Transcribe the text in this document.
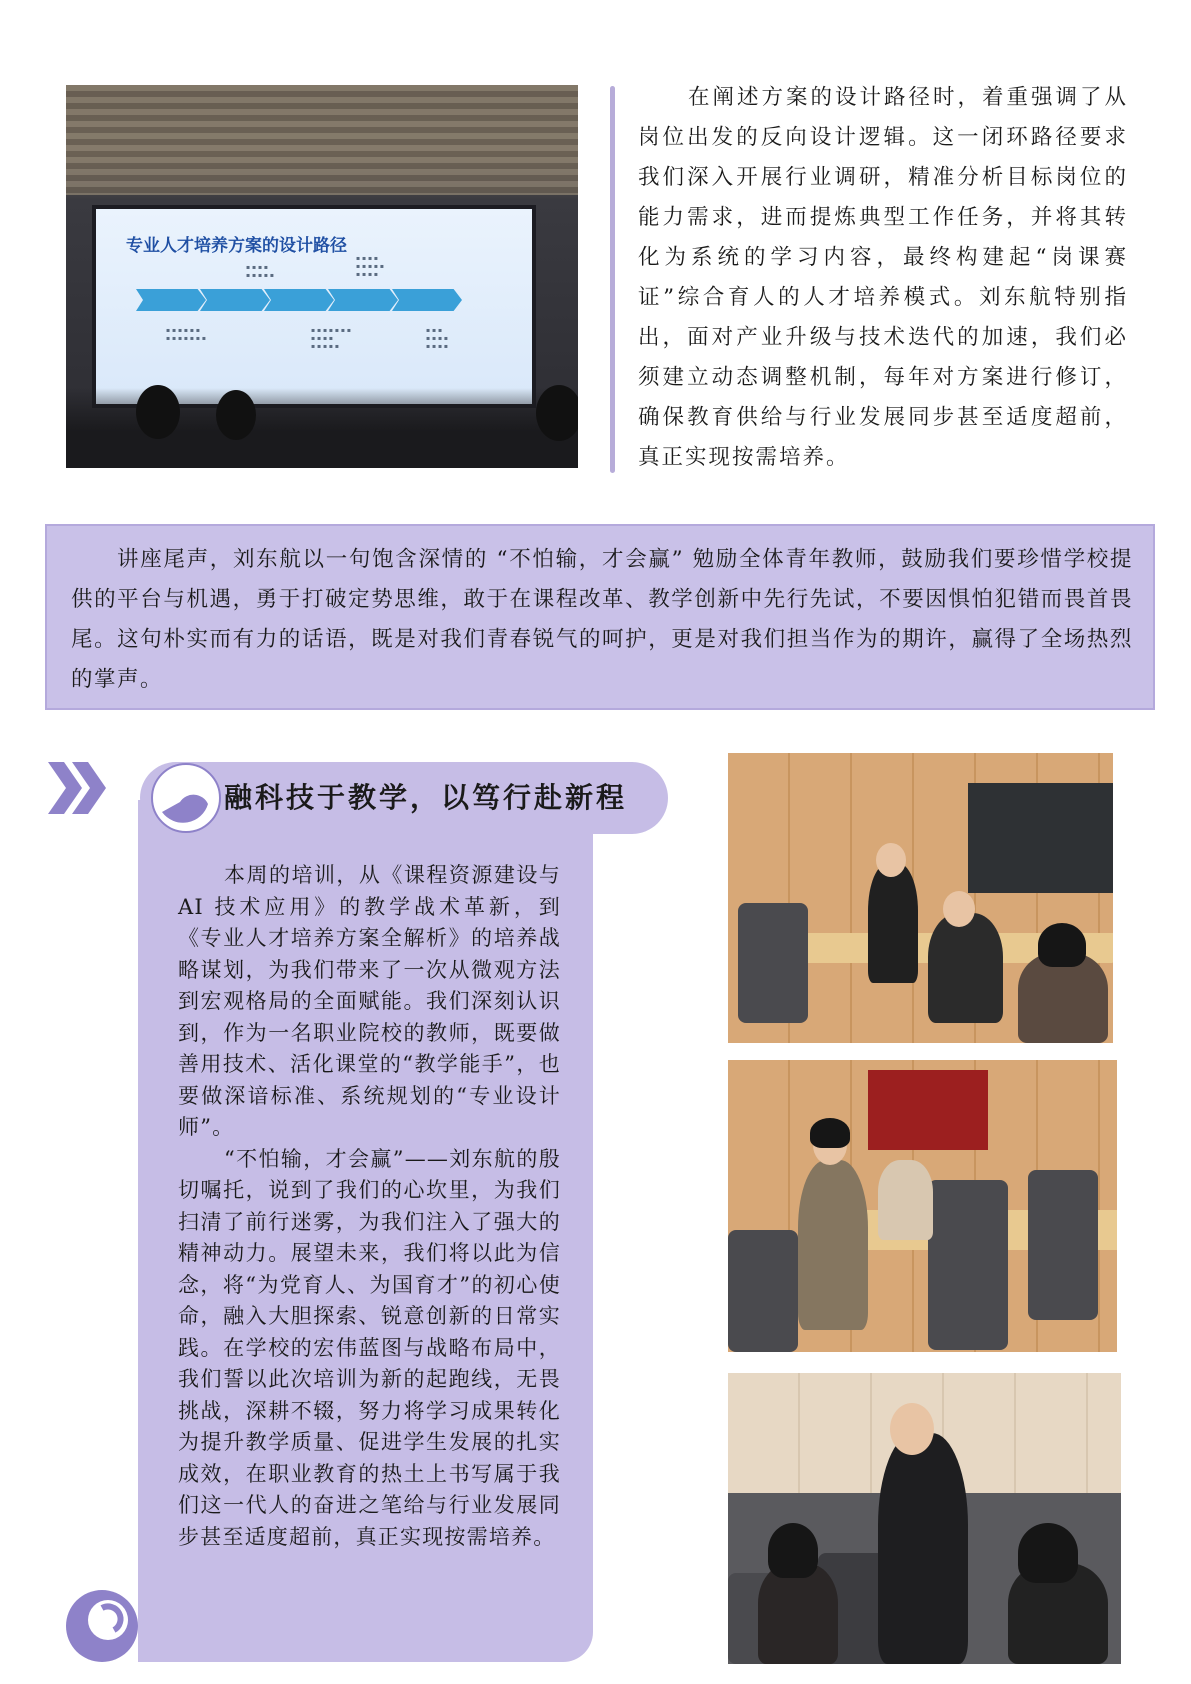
专业人才培养方案的设计路径
▪ ▪ ▪ ▪
▪ ▪ ▪ ▪ ▪
▪ ▪ ▪ ▪
▪ ▪ ▪ ▪ ▪
▪ ▪ ▪ ▪
▪ ▪ ▪ ▪ ▪ ▪
▪ ▪ ▪ ▪ ▪ ▪ ▪
▪ ▪ ▪ ▪ ▪ ▪ ▪
▪ ▪ ▪ ▪
▪ ▪ ▪ ▪ ▪
▪ ▪ ▪
▪ ▪ ▪ ▪
▪ ▪ ▪ ▪
在阐述方案的设计路径时，着重强调了从岗位出发的反向设计逻辑。这一闭环路径要求我们深入开展行业调研，精准分析目标岗位的能力需求，进而提炼典型工作任务，并将其转化为系统的学习内容，最终构建起“岗课赛证”综合育人的人才培养模式。刘东航特别指出，面对产业升级与技术迭代的加速，我们必须建立动态调整机制，每年对方案进行修订，确保教育供给与行业发展同步甚至适度超前，真正实现按需培养。
讲座尾声，刘东航以一句饱含深情的 “不怕输，才会赢” 勉励全体青年教师，鼓励我们要珍惜学校提供的平台与机遇，勇于打破定势思维，敢于在课程改革、教学创新中先行先试，不要因惧怕犯错而畏首畏尾。这句朴实而有力的话语，既是对我们青春锐气的呵护，更是对我们担当作为的期许，赢得了全场热烈的掌声。
融科技于教学，以笃行赴新程

本周的培训，从《课程资源建设与 AI 技术应用》的教学战术革新，到《专业人才培养方案全解析》的培养战略谋划，为我们带来了一次从微观方法到宏观格局的全面赋能。我们深刻认识到，作为一名职业院校的教师，既要做善用技术、活化课堂的“教学能手”，也要做深谙标准、系统规划的“专业设计师”。

“不怕输，才会赢”——刘东航的殷切嘱托，说到了我们的心坎里，为我们扫清了前行迷雾，为我们注入了强大的精神动力。展望未来，我们将以此为信念，将“为党育人、为国育才”的初心使命，融入大胆探索、锐意创新的日常实践。在学校的宏伟蓝图与战略布局中，我们誓以此次培训为新的起跑线，无畏挑战，深耕不辍，努力将学习成果转化为提升教学质量、促进学生发展的扎实成效，在职业教育的热土上书写属于我们这一代人的奋进之笔给与行业发展同步甚至适度超前，真正实现按需培养。
